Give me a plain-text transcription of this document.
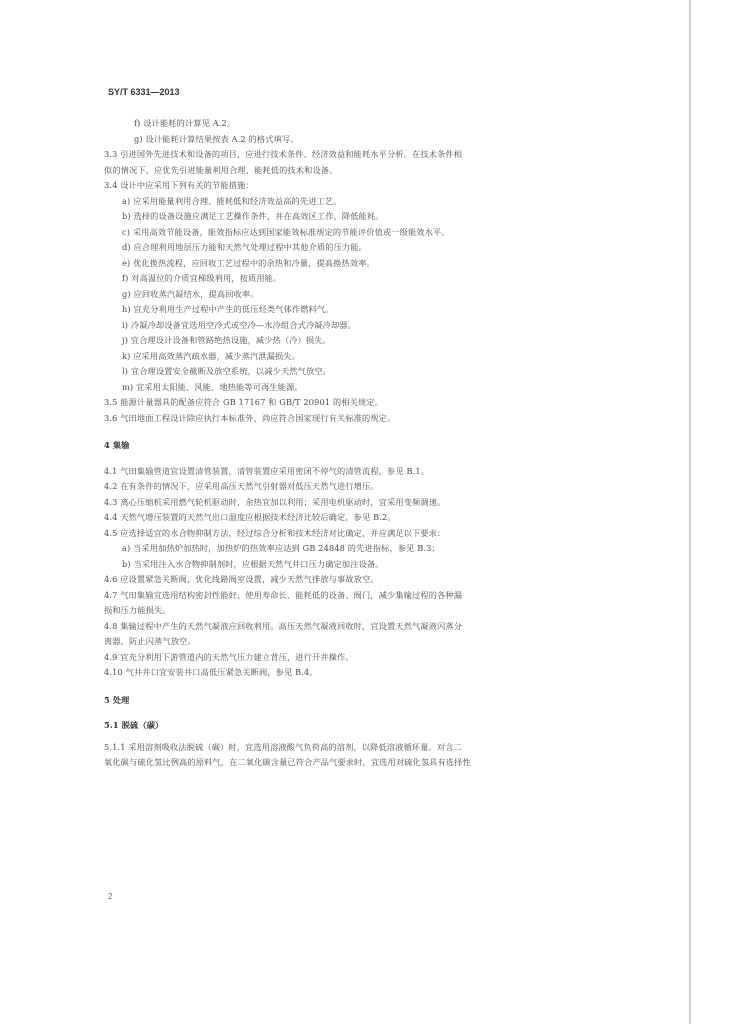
SY/T 6331—2013
f) 设计能耗的计算见 A.2。
g) 设计能耗计算结果按表 A.2 的格式填写。
3.3 引进国外先进技术和设备的项目，应进行技术条件、经济效益和能耗水平分析。在技术条件相
似的情况下，应优先引进能量利用合理、能耗低的技术和设备。
3.4 设计中应采用下列有关的节能措施：
a) 应采用能量利用合理、能耗低和经济效益高的先进工艺。
b) 选择的设备设施应满足工艺操作条件，并在高效区工作，降低能耗。
c) 采用高效节能设备，能效指标应达到国家能效标准规定的节能评价值或一级能效水平。
d) 应合理利用地层压力能和天然气处理过程中其他介质的压力能。
e) 优化换热流程，应回收工艺过程中的余热和冷量，提高换热效率。
f) 对高温位的介质宜梯级利用，按质用能。
g) 应回收蒸汽凝结水，提高回收率。
h) 宜充分利用生产过程中产生的低压烃类气体作燃料气。
i) 冷凝冷却设备宜选用空冷式或空冷—水冷组合式冷凝冷却器。
j) 宜合理设计设备和管路绝热设施，减少热（冷）损失。
k) 应采用高效蒸汽疏水器，减少蒸汽泄漏损失。
l) 宜合理设置安全截断及放空系统，以减少天然气放空。
m) 宜采用太阳能、风能、地热能等可再生能源。
3.5 能源计量器具的配备应符合 GB 17167 和 GB/T 20901 的相关规定。
3.6 气田地面工程设计除应执行本标准外，尚应符合国家现行有关标准的规定。
4 集输
4.1 气田集输管道宜设置清管装置，清管装置应采用密闭不停气的清管流程，参见 B.1。
4.2 在有条件的情况下，应采用高压天然气引射器对低压天然气进行增压。
4.3 离心压缩机采用燃气轮机驱动时，余热宜加以利用；采用电机驱动时，宜采用变频调速。
4.4 天然气增压装置的天然气出口温度应根据技术经济比较后确定，参见 B.2。
4.5 应选择适宜的水合物抑制方法，经过综合分析和技术经济对比确定，并应满足以下要求：
a) 当采用加热炉加热时，加热炉的热效率应达到 GB 24848 的先进指标，参见 B.3；
b) 当采用注入水合物抑制剂时，应根据天然气井口压力确定加注设备。
4.6 应设置紧急关断阀，优化线路阀室设置，减少天然气排放与事故放空。
4.7 气田集输宜选用结构密封性能好、使用寿命长、能耗低的设备、阀门，减少集输过程的各种漏
损和压力能损失。
4.8 集输过程中产生的天然气凝液应回收利用。高压天然气凝液回收时，宜设置天然气凝液闪蒸分
离器，防止闪蒸气放空。
4.9 宜充分利用下游管道内的天然气压力建立背压，进行开井操作。
4.10 气井井口宜安装井口高低压紧急关断阀，参见 B.4。
5 处理
5.1 脱硫（碳）
5.1.1 采用溶剂吸收法脱硫（碳）时，宜选用溶液酸气负荷高的溶剂，以降低溶液循环量。对含二
氧化碳与硫化氢比例高的原料气，在二氧化碳含量已符合产品气要求时，宜选用对硫化氢具有选择性
2
